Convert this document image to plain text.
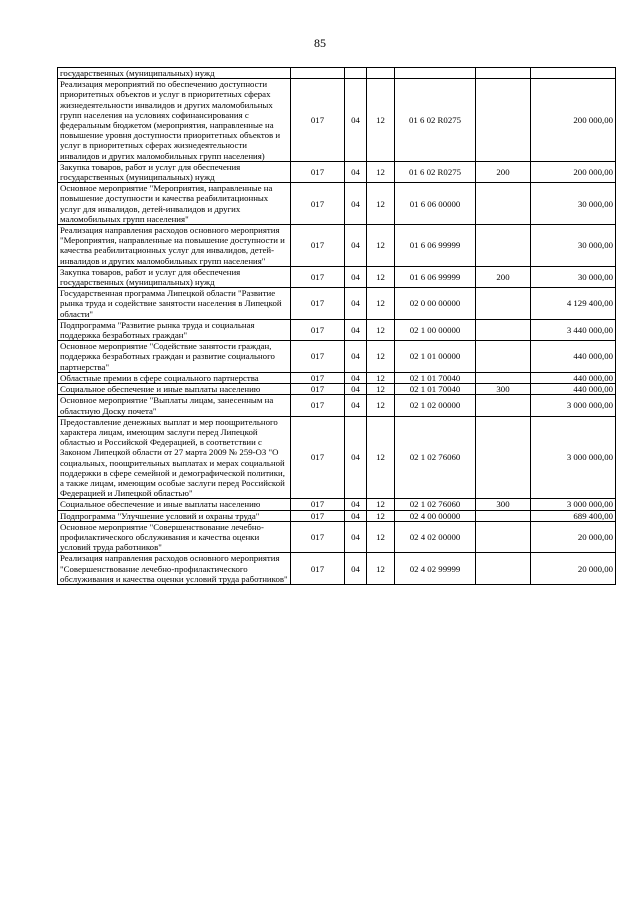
85
государственных (муниципальных) нужд						
Реализация мероприятий по обеспечению доступности приоритетных объектов и услуг в приоритетных сферах жизнедеятельности инвалидов и других маломобильных групп населения на условиях софинансирования с федеральным бюджетом (мероприятия, направленные на повышение уровня доступности приоритетных объектов и услуг в приоритетных сферах жизнедеятельности инвалидов и других маломобильных групп населения)	017	04	12	01 6 02 R0275		200 000,00
Закупка товаров, работ и услуг для обеспечения государственных (муниципальных) нужд	017	04	12	01 6 02 R0275	200	200 000,00
Основное мероприятие "Мероприятия, направленные на повышение доступности и качества реабилитационных услуг для инвалидов, детей-инвалидов и других маломобильных групп населения"	017	04	12	01 6 06 00000		30 000,00
Реализация направления расходов основного мероприятия "Мероприятия, направленные на повышение доступности и качества реабилитационных услуг для инвалидов, детей-инвалидов и других маломобильных групп населения"	017	04	12	01 6 06 99999		30 000,00
Закупка товаров, работ и услуг для обеспечения государственных (муниципальных) нужд	017	04	12	01 6 06 99999	200	30 000,00
Государственная программа Липецкой области "Развитие рынка труда и содействие занятости населения в Липецкой области"	017	04	12	02 0 00 00000		4 129 400,00
Подпрограмма "Развитие рынка труда и социальная поддержка безработных граждан"	017	04	12	02 1 00 00000		3 440 000,00
Основное мероприятие "Содействие занятости граждан, поддержка безработных граждан и развитие социального партнерства"	017	04	12	02 1 01 00000		440 000,00
Областные премии в сфере социального партнерства	017	04	12	02 1 01 70040		440 000,00
Социальное обеспечение и иные выплаты населению	017	04	12	02 1 01 70040	300	440 000,00
Основное мероприятие "Выплаты лицам, занесенным на областную Доску почета"	017	04	12	02 1 02 00000		3 000 000,00
Предоставление денежных выплат и мер поощрительного характера лицам, имеющим заслуги перед Липецкой областью и Российской Федерацией, в соответствии с Законом Липецкой области от 27 марта 2009 № 259-ОЗ "О социальных, поощрительных выплатах и мерах социальной поддержки в сфере семейной и демографической политики, а также лицам, имеющим особые заслуги перед Российской Федерацией и Липецкой областью"	017	04	12	02 1 02 76060		3 000 000,00
Социальное обеспечение и иные выплаты населению	017	04	12	02 1 02 76060	300	3 000 000,00
Подпрограмма "Улучшение условий и охраны труда"	017	04	12	02 4 00 00000		689 400,00
Основное мероприятие "Совершенствование лечебно-профилактического обслуживания и качества оценки условий труда работников"	017	04	12	02 4 02 00000		20 000,00
Реализация направления расходов основного мероприятия "Совершенствование лечебно-профилактического обслуживания и качества оценки условий труда работников"	017	04	12	02 4 02 99999		20 000,00
